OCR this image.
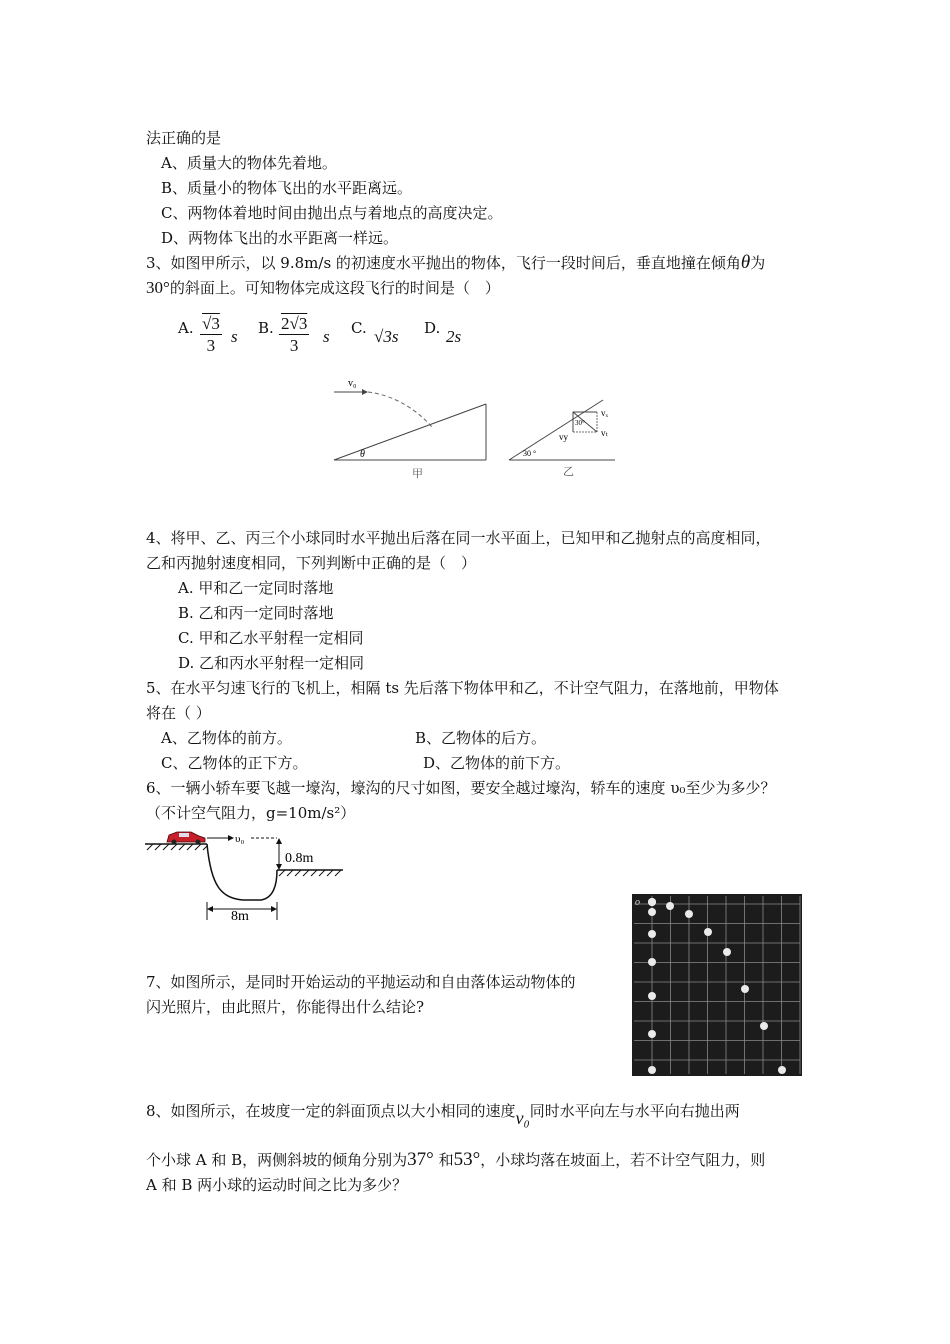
法正确的是
A、质量大的物体先着地。
B、质量小的物体飞出的水平距离远。
C、两物体着地时间由抛出点与着地点的高度决定。
D、两物体飞出的水平距离一样远。
3、如图甲所示，以 9.8m/s 的初速度水平抛出的物体，飞行一段时间后，垂直地撞在倾角θ为
30°的斜面上。可知物体完成这段飞行的时间是（　）
A. $\frac{√3}{3}$ s B. $\frac{2√3}{3}$ s C. √3s D. 2s
v₀
θ
甲
30°
vₓ
vy	vₜ
30 °
乙
4、将甲、乙、丙三个小球同时水平抛出后落在同一水平面上，已知甲和乙抛射点的高度相同，
乙和丙抛射速度相同，下列判断中正确的是（　）
A. 甲和乙一定同时落地
B. 乙和丙一定同时落地
C. 甲和乙水平射程一定相同
D. 乙和丙水平射程一定相同
5、在水平匀速飞行的飞机上，相隔 ts 先后落下物体甲和乙，不计空气阻力，在落地前，甲物体
将在（ ）
A、乙物体的前方。	B、乙物体的后方。
C、乙物体的正下方。	D、乙物体的前下方。
6、一辆小轿车要飞越一壕沟，壕沟的尺寸如图，要安全越过壕沟，轿车的速度 υ₀至少为多少？
（不计空气阻力，g=10m/s²）
υ₀
0.8m
8m
7、如图所示，是同时开始运动的平抛运动和自由落体运动物体的
闪光照片，由此照片，你能得出什么结论?
o
8、如图所示，在坡度一定的斜面顶点以大小相同的速度v₀同时水平向左与水平向右抛出两
个小球 A 和 B，两侧斜坡的倾角分别为37° 和53°，小球均落在坡面上，若不计空气阻力，则
A 和 B 两小球的运动时间之比为多少？
